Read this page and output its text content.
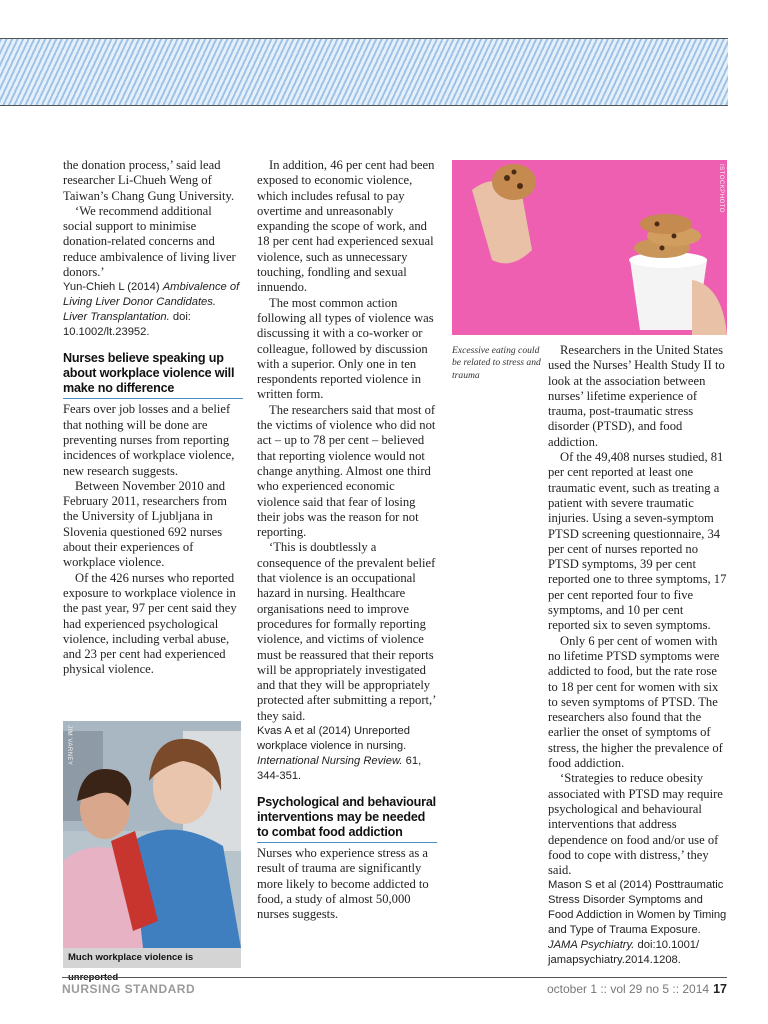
the donation process,’ said lead researcher Li-Chueh Weng of Taiwan’s Chang Gung University.

‘We recommend additional social support to minimise donation-related concerns and reduce ambivalence of living liver donors.’

Yun-Chieh L (2014) Ambivalence of Living Liver Donor Candidates. Liver Transplantation. doi: 10.1002/lt.23952.

Nurses believe speaking up about workplace violence will make no difference

Fears over job losses and a belief that nothing will be done are preventing nurses from reporting incidences of workplace violence, new research suggests.

Between November 2010 and February 2011, researchers from the University of Ljubljana in Slovenia questioned 692 nurses about their experiences of workplace violence.

Of the 426 nurses who reported exposure to workplace violence in the past year, 97 per cent said they had experienced psychological violence, including verbal abuse, and 23 per cent had experienced physical violence.

JIM VARNEY
Much workplace violence is

In addition, 46 per cent had been exposed to economic violence, which includes refusal to pay overtime and unreasonably expanding the scope of work, and 18 per cent had experienced sexual violence, such as unnecessary touching, fondling and sexual innuendo.

The most common action following all types of violence was discussing it with a co-worker or colleague, followed by discussion with a superior. Only one in ten respondents reported violence in written form.

The researchers said that most of the victims of violence who did not act – up to 78 per cent – believed that reporting violence would not change anything. Almost one third who experienced economic violence said that fear of losing their jobs was the reason for not reporting.

‘This is doubtlessly a consequence of the prevalent belief that violence is an occupational hazard in nursing. Healthcare organisations need to improve procedures for formally reporting violence, and victims of violence must be reassured that their reports will be appropriately investigated and that they will be appropriately protected after submitting a report,’ they said.

Kvas A et al (2014) Unreported workplace violence in nursing. International Nursing Review. 61, 344-351.

Psychological and behavioural interventions may be needed to combat food addiction

Nurses who experience stress as a result of trauma are significantly more likely to become addicted to food, a study of almost 50,000 nurses suggests.

ISTOCKPHOTO
Excessive eating could be related to stress and trauma

Researchers in the United States used the Nurses’ Health Study II to look at the association between nurses’ lifetime experience of trauma, post-traumatic stress disorder (PTSD), and food addiction.

Of the 49,408 nurses studied, 81 per cent reported at least one traumatic event, such as treating a patient with severe traumatic injuries. Using a seven-symptom PTSD screening questionnaire, 34 per cent of nurses reported no PTSD symptoms, 39 per cent reported one to three symptoms, 17 per cent reported four to five symptoms, and 10 per cent reported six to seven symptoms.

Only 6 per cent of women with no lifetime PTSD symptoms were addicted to food, but the rate rose to 18 per cent for women with six to seven symptoms of PTSD. The researchers also found that the earlier the onset of symptoms of stress, the higher the prevalence of food addiction.

‘Strategies to reduce obesity associated with PTSD may require psychological and behavioural interventions that address dependence on food and/or use of food to cope with distress,’ they said.

Mason S et al (2014) Posttraumatic Stress Disorder Symptoms and Food Addiction in Women by Timing and Type of Trauma Exposure. JAMA Psychiatry. doi:10.1001/ jamapsychiatry.2014.1208.

NURSING STANDARD	october 1 :: vol 29 no 5 :: 2014 17
